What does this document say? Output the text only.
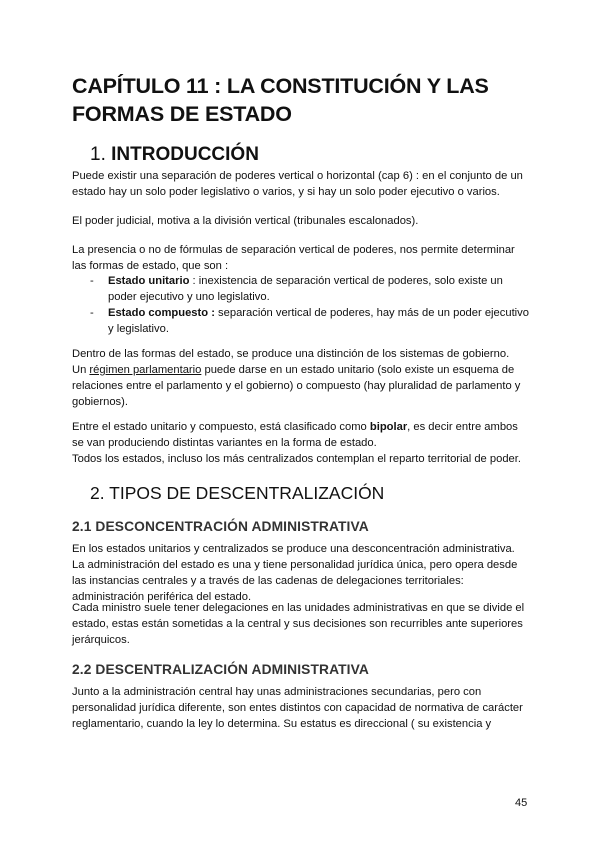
CAPÍTULO 11 : LA CONSTITUCIÓN Y LAS FORMAS DE ESTADO
1. INTRODUCCIÓN

Puede existir una separación de poderes vertical o horizontal (cap 6) : en el conjunto de un estado hay un solo poder legislativo o varios, y si hay un solo poder ejecutivo o varios.

El poder judicial, motiva a la división vertical (tribunales escalonados).

La presencia o no de fórmulas de separación vertical de poderes, nos permite determinar las formas de estado, que son :

- Estado unitario : inexistencia de separación vertical de poderes, solo existe un poder ejecutivo y uno legislativo.
- Estado compuesto : separación vertical de poderes, hay más de un poder ejecutivo y legislativo.

Dentro de las formas del estado, se produce una distinción de los sistemas de gobierno.
Un régimen parlamentario puede darse en un estado unitario (solo existe un esquema de relaciones entre el parlamento y el gobierno) o compuesto (hay pluralidad de parlamento y gobiernos).

Entre el estado unitario y compuesto, está clasificado como bipolar, es decir entre ambos se van produciendo distintas variantes en la forma de estado.
Todos los estados, incluso los más centralizados contemplan el reparto territorial de poder.

2. TIPOS DE DESCENTRALIZACIÓN
2.1 DESCONCENTRACIÓN ADMINISTRATIVA

En los estados unitarios y centralizados se produce una desconcentración administrativa. La administración del estado es una y tiene personalidad jurídica única, pero opera desde las instancias centrales y a través de las cadenas de delegaciones territoriales: administración periférica del estado.

Cada ministro suele tener delegaciones en las unidades administrativas en que se divide el estado, estas están sometidas a la central y sus decisiones son recurribles ante superiores jerárquicos.

2.2 DESCENTRALIZACIÓN ADMINISTRATIVA

Junto a la administración central hay unas administraciones secundarias, pero con personalidad jurídica diferente, son entes distintos con capacidad de normativa de carácter reglamentario, cuando la ley lo determina. Su estatus es direccional ( su existencia y

45
